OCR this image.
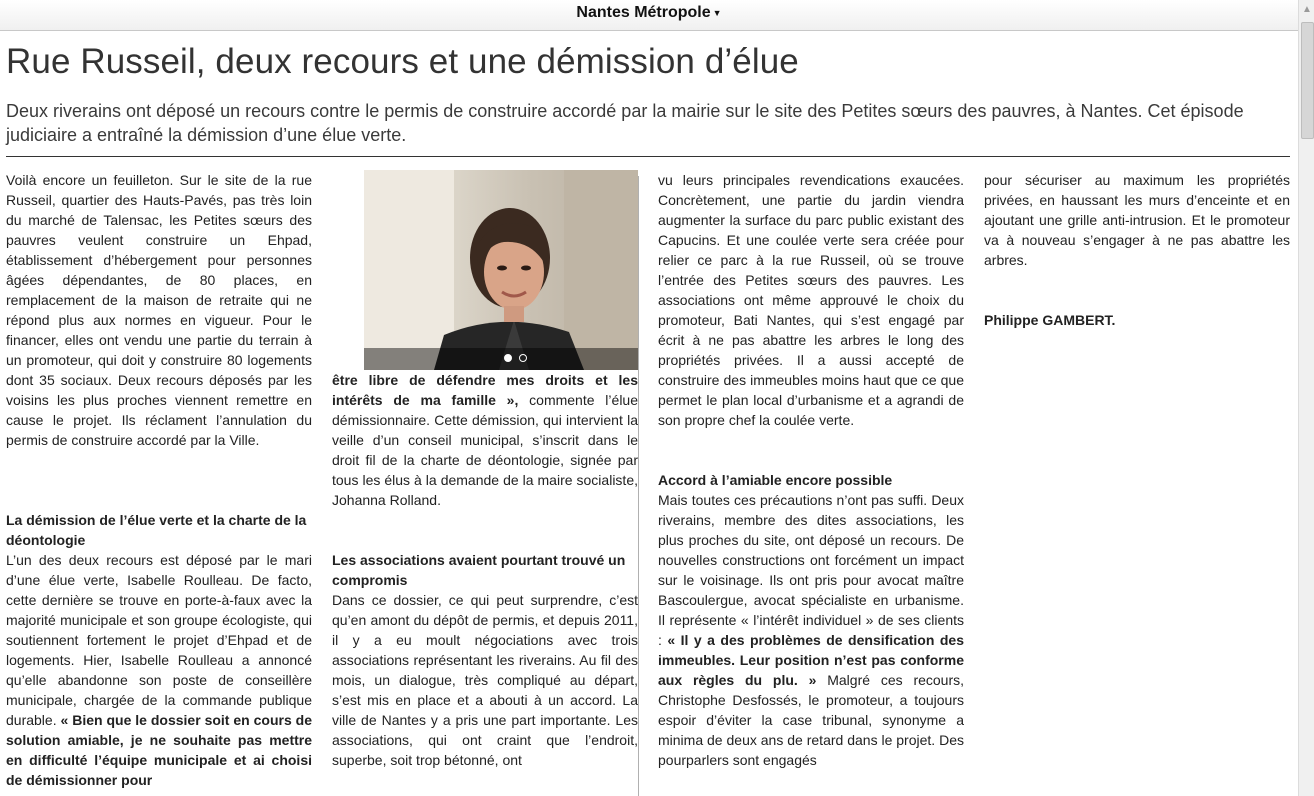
Nantes Métropole ▼	▲
Rue Russeil, deux recours et une démission d’élue

Deux riverains ont déposé un recours contre le permis de construire accordé par la mairie sur le site des Petites sœurs des pauvres, à Nantes. Cet épisode judiciaire a entraîné la démission d’une élue verte.

Voilà encore un feuilleton. Sur le site de la rue Russeil, quartier des Hauts-Pavés, pas très loin du marché de Talensac, les Petites sœurs des pauvres veulent construire un Ehpad, établissement d’hébergement pour personnes âgées dépendantes, de 80 places, en remplacement de la maison de retraite qui ne répond plus aux normes en vigueur. Pour le financer, elles ont vendu une partie du terrain à un promoteur, qui doit y construire 80 logements dont 35 sociaux. Deux recours déposés par les voisins les plus proches viennent remettre en cause le projet. Ils réclament l’annulation du permis de construire accordé par la Ville.

La démission de l’élue verte et la charte de la déontologie

L’un des deux recours est déposé par le mari d’une élue verte, Isabelle Roulleau. De facto, cette dernière se trouve en porte-à-faux avec la majorité municipale et son groupe écologiste, qui soutiennent fortement le projet d’Ehpad et de logements. Hier, Isabelle Roulleau a annoncé qu’elle abandonne son poste de conseillère municipale, chargée de la commande publique durable. « Bien que le dossier soit en cours de solution amiable, je ne souhaite pas mettre en difficulté l’équipe municipale et ai choisi de démissionner pour

être libre de défendre mes droits et les intérêts de ma famille », commente l’élue démissionnaire. Cette démission, qui intervient la veille d’un conseil municipal, s’inscrit dans le droit fil de la charte de déontologie, signée par tous les élus à la demande de la maire socialiste, Johanna Rolland.

Les associations avaient pourtant trouvé un compromis

Dans ce dossier, ce qui peut surprendre, c’est qu’en amont du dépôt de permis, et depuis 2011, il y a eu moult négociations avec trois associations représentant les riverains. Au fil des mois, un dialogue, très compliqué au départ, s’est mis en place et a abouti à un accord. La ville de Nantes y a pris une part importante. Les associations, qui ont craint que l’endroit, superbe, soit trop bétonné, ont

vu leurs principales revendications exaucées. Concrètement, une partie du jardin viendra augmenter la surface du parc public existant des Capucins. Et une coulée verte sera créée pour relier ce parc à la rue Russeil, où se trouve l’entrée des Petites sœurs des pauvres. Les associations ont même approuvé le choix du promoteur, Bati Nantes, qui s’est engagé par écrit à ne pas abattre les arbres le long des propriétés privées. Il a aussi accepté de construire des immeubles moins haut que ce que permet le plan local d’urbanisme et a agrandi de son propre chef la coulée verte.

Accord à l’amiable encore possible

Mais toutes ces précautions n’ont pas suffi. Deux riverains, membre des dites associations, les plus proches du site, ont déposé un recours. De nouvelles constructions ont forcément un impact sur le voisinage. Ils ont pris pour avocat maître Bascoulergue, avocat spécialiste en urbanisme. Il représente « l’intérêt individuel » de ses clients : « Il y a des problèmes de densification des immeubles. Leur position n’est pas conforme aux règles du plu. » Malgré ces recours, Christophe Desfossés, le promoteur, a toujours espoir d’éviter la case tribunal, synonyme a minima de deux ans de retard dans le projet. Des pourparlers sont engagés

pour sécuriser au maximum les propriétés privées, en haussant les murs d’enceinte et en ajoutant une grille anti-intrusion. Et le promoteur va à nouveau s’engager à ne pas abattre les arbres.

Philippe GAMBERT.
